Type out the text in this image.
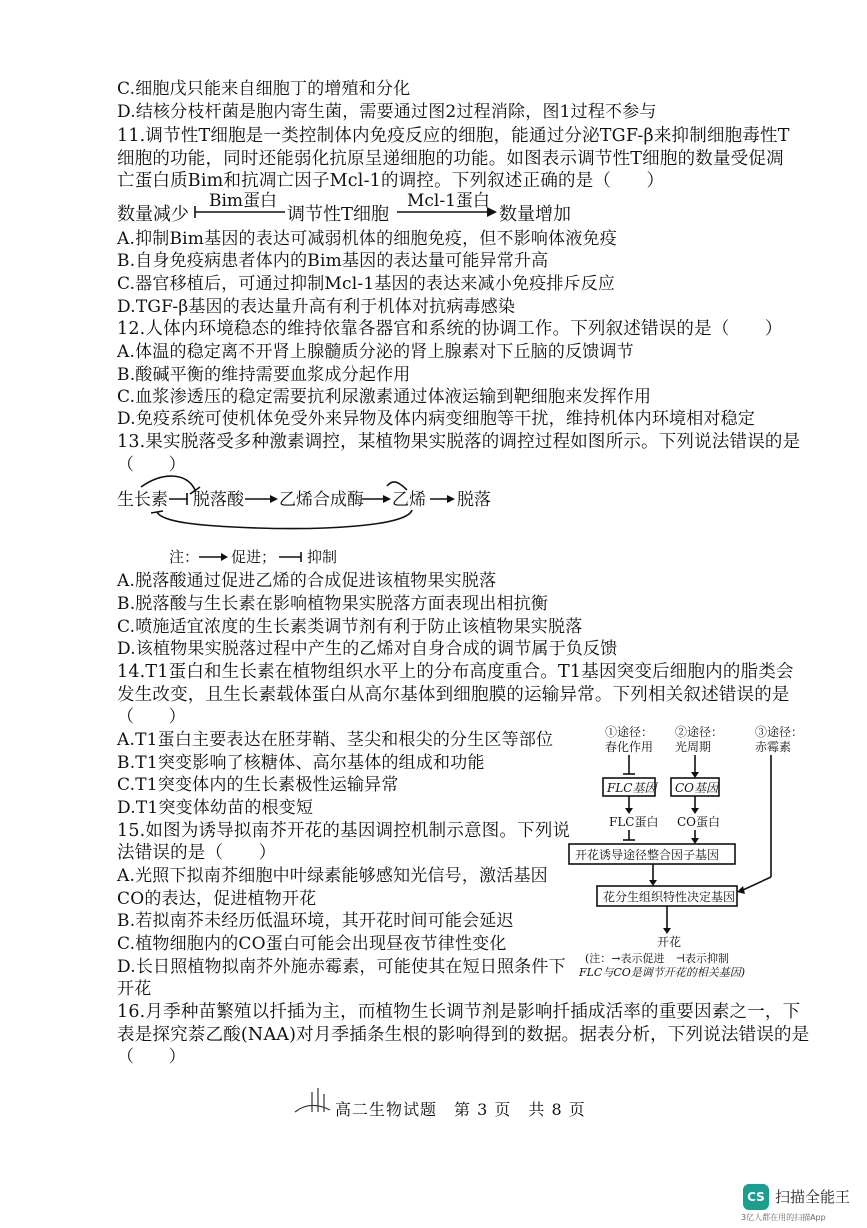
C.细胞戊只能来自细胞丁的增殖和分化
D.结核分枝杆菌是胞内寄生菌，需要通过图2过程消除，图1过程不参与
11.调节性T细胞是一类控制体内免疫反应的细胞，能通过分泌TGF-β来抑制细胞毒性T
细胞的功能，同时还能弱化抗原呈递细胞的功能。如图表示调节性T细胞的数量受促凋
亡蛋白质Bim和抗凋亡因子Mcl-1的调控。下列叙述正确的是（　　）
数量减少
Bim蛋白
调节性T细胞
Mcl-1蛋白
数量增加
A.抑制Bim基因的表达可减弱机体的细胞免疫，但不影响体液免疫
B.自身免疫病患者体内的Bim基因的表达量可能异常升高
C.器官移植后，可通过抑制Mcl-1基因的表达来减小免疫排斥反应
D.TGF-β基因的表达量升高有利于机体对抗病毒感染
12.人体内环境稳态的维持依靠各器官和系统的协调工作。下列叙述错误的是（　　）
A.体温的稳定离不开肾上腺髓质分泌的肾上腺素对下丘脑的反馈调节
B.酸碱平衡的维持需要血浆成分起作用
C.血浆渗透压的稳定需要抗利尿激素通过体液运输到靶细胞来发挥作用
D.免疫系统可使机体免受外来异物及体内病变细胞等干扰，维持机体内环境相对稳定
13.果实脱落受多种激素调控，某植物果实脱落的调控过程如图所示。下列说法错误的是
（　　）
生长素 脱落酸 乙烯合成酶 乙烯 脱落
注： 促进； 抑制
A.脱落酸通过促进乙烯的合成促进该植物果实脱落
B.脱落酸与生长素在影响植物果实脱落方面表现出相抗衡
C.喷施适宜浓度的生长素类调节剂有利于防止该植物果实脱落
D.该植物果实脱落过程中产生的乙烯对自身合成的调节属于负反馈
14.T1蛋白和生长素在植物组织水平上的分布高度重合。T1基因突变后细胞内的脂类会
发生改变，且生长素载体蛋白从高尔基体到细胞膜的运输异常。下列相关叙述错误的是
（　　）
A.T1蛋白主要表达在胚芽鞘、茎尖和根尖的分生区等部位
B.T1突变影响了核糖体、高尔基体的组成和功能
C.T1突变体内的生长素极性运输异常
D.T1突变体幼苗的根变短
15.如图为诱导拟南芥开花的基因调控机制示意图。下列说
法错误的是（　　）
A.光照下拟南芥细胞中叶绿素能够感知光信号，激活基因
CO的表达，促进植物开花
B.若拟南芥未经历低温环境，其开花时间可能会延迟
C.植物细胞内的CO蛋白可能会出现昼夜节律性变化
D.长日照植物拟南芥外施赤霉素，可能使其在短日照条件下
开花
16.月季种苗繁殖以扦插为主，而植物生长调节剂是影响扦插成活率的重要因素之一，下
表是探究萘乙酸(NAA)对月季插条生根的影响得到的数据。据表分析，下列说法错误的是
（　　）
①途径：
春化作用
②途径：
光周期
③途径：
赤霉素
FLC基因 CO基因
FLC蛋白 CO蛋白
开花诱导途径整合因子基因
花分生组织特性决定基因
开花
(注：→表示促进　⊣表示抑制
FLC与CO是调节开花的相关基因)
高二生物试题　第 3 页　共 8 页
CS 扫描全能王
3亿人都在用的扫描App
